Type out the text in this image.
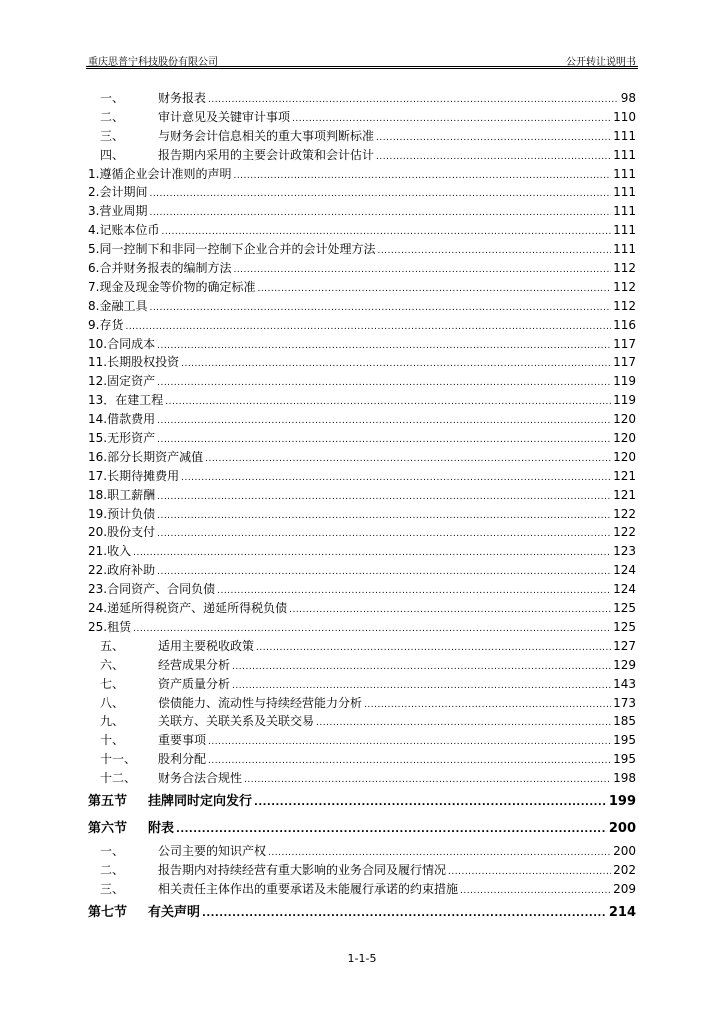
重庆思普宁科技股份有限公司	公开转让说明书
一、	财务报表 .....	98
二、	审计意见及关键审计事项 .....	110
三、	与财务会计信息相关的重大事项判断标准 .....	111
四、	报告期内采用的主要会计政策和会计估计 .....	111
1.遵循企业会计准则的声明 .....	111
2.会计期间 .....	111
3.营业周期 .....	111
4.记账本位币 .....	111
5.同一控制下和非同一控制下企业合并的会计处理方法 .....	111
6.合并财务报表的编制方法 .....	112
7.现金及现金等价物的确定标准 .....	112
8.金融工具 .....	112
9.存货 .....	116
10.合同成本 .....	117
11.长期股权投资 .....	117
12.固定资产 .....	119
13．在建工程 .....	119
14.借款费用 .....	120
15.无形资产 .....	120
16.部分长期资产减值 .....	120
17.长期待摊费用 .....	121
18.职工薪酬 .....	121
19.预计负债 .....	122
20.股份支付 .....	122
21.收入 .....	123
22.政府补助 .....	124
23.合同资产、合同负债 .....	124
24.递延所得税资产、递延所得税负债 .....	125
25.租赁 .....	125
五、	适用主要税收政策 .....	127
六、	经营成果分析 .....	129
七、	资产质量分析 .....	143
八、	偿债能力、流动性与持续经营能力分析 .....	173
九、	关联方、关联关系及关联交易 .....	185
十、	重要事项 .....	195
十一、	股利分配 .....	195
十二、	财务合法合规性 .....	198
第五节	挂牌同时定向发行 .....	199
第六节	附表 .....	200
一、	公司主要的知识产权 .....	200
二、	报告期内对持续经营有重大影响的业务合同及履行情况 .....	202
三、	相关责任主体作出的重要承诺及未能履行承诺的约束措施 .....	209
第七节	有关声明 .....	214
1-1-5
